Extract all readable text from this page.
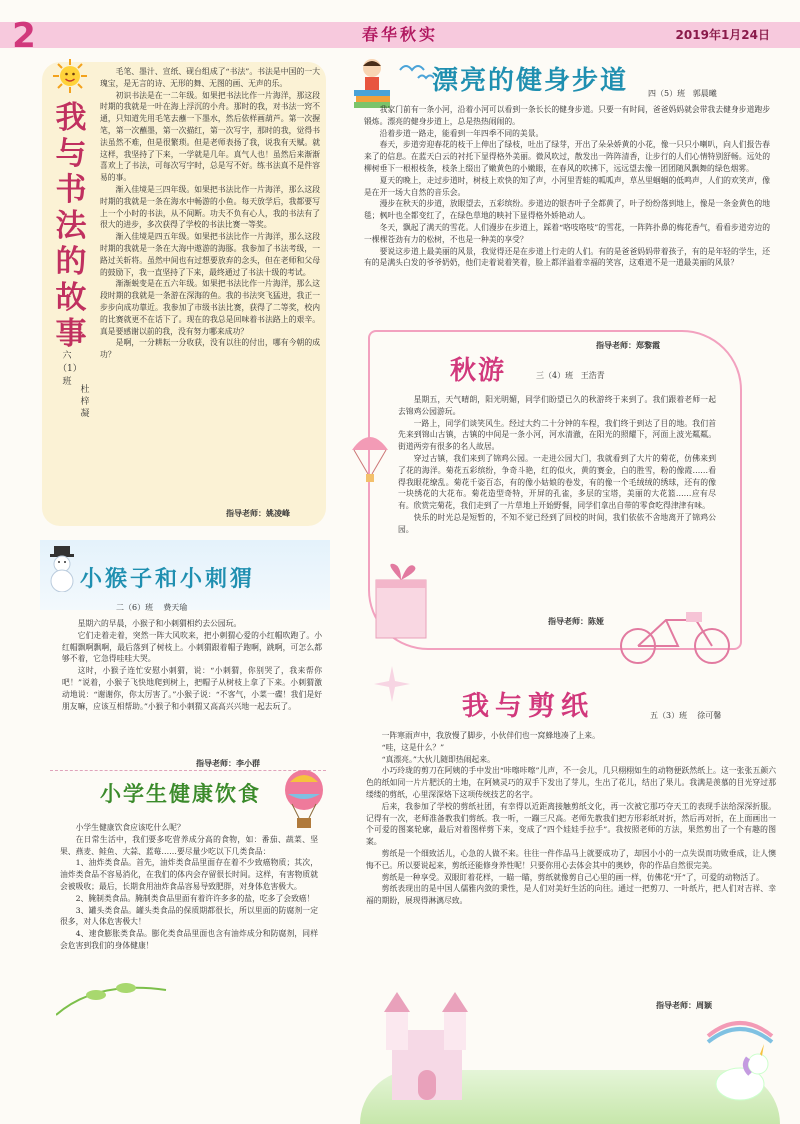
2	春华秋实	2019年1月24日
我与书法的故事
六（1）班
杜梓凝

毛笔、墨汁、宣纸、砚台组成了“书法”。书法是中国的一大瑰宝，是无言的诗、无形的舞、无图的画、无声的乐。

初识书法是在一二年级。如果把书法比作一片海洋，那这段时期的我就是一叶在海上浮沉的小舟。那时的我，对书法一窍不通，只知道先用毛笔去蘸一下墨水，然后依样画葫芦。第一次握笔，第一次蘸墨，第一次描红，第一次写字，那时的我，觉得书法虽然不难，但是很繁琐。但是老师表扬了我，说我有天赋。就这样，我坚持了下来，一学就是几年。真气人也！虽然后来渐渐喜欢上了书法，可每次写字时，总是写不好。练书法真不是件容易的事。

渐入佳境是三四年级。如果把书法比作一片海洋，那么这段时期的我就是一条在海水中畅游的小鱼。每天放学后，我都要写上一个小时的书法，从不间断。功夫不负有心人，我的书法有了很大的进步，多次获得了学校的书法比赛一等奖。

渐入佳境是四五年级。如果把书法比作一片海洋，那么这段时期的我就是一条在大海中遨游的海豚。我参加了书法考级，一路过关斩将。虽然中间也有过想要放弃的念头，但在老师和父母的鼓励下，我一直坚持了下来，最终通过了书法十级的考试。

渐渐蜕变是在五六年级。如果把书法比作一片海洋，那么这段时期的我就是一条游在深海的鱼。我的书法突飞猛进，我正一步步向成功靠近。我参加了市级书法比赛，获得了二等奖，校内的比赛就更不在话下了。现在的我总是回味着书法路上的艰辛。真是要感谢以前的我，没有努力哪来成功？

是啊，一分耕耘一分收获，没有以往的付出，哪有今朝的成功？

指导老师：姚凌峰
小猴子和小刺猬
二（6）班 费天瑜

星期六的早晨，小猴子和小刺猬相约去公园玩。

它们走着走着，突然一阵大风吹来，把小刺猬心爱的小红帽吹跑了。小红帽飘啊飘啊，最后落到了树枝上。小刺猬跟着帽子跑啊，跳啊，可怎么都够不着，它急得哇哇大哭。

这时，小猴子连忙安慰小刺猬，说：“小刺猬，你别哭了，我来帮你吧！”说着，小猴子飞快地爬到树上，把帽子从树枝上拿了下来。小刺猬激动地说：“谢谢你，你太厉害了。”小猴子说：“不客气，小菜一碟！我们是好朋友嘛，应该互相帮助。”小猴子和小刺猬又高高兴兴地一起去玩了。

指导老师：李小群
小学生健康饮食

小学生健康饮食应该吃什么呢？

在日常生活中，我们要多吃营养成分高的食物，如：番茄、蔬菜、坚果、燕麦、鲑鱼、大蒜、蓝莓……要尽量少吃以下几类食品：

1、油炸类食品。首先，油炸类食品里面存在着不少致癌物质；其次，油炸类食品不容易消化，在我们的体内会存留很长时间。这样，有害物质就会被吸收；最后，长期食用油炸食品容易导致肥胖，对身体危害极大。

2、腌制类食品。腌制类食品里面有着许许多多的盐，吃多了会致癌！

3、罐头类食品。罐头类食品的保质期都很长，所以里面的防腐剂一定很多，对人体危害极大！

4、速食膨胀类食品。膨化类食品里面也含有油炸成分和防腐剂，同样会危害到我们的身体健康！

漂亮的健身步道 四（5）班 郭晨曦

我家门前有一条小河，沿着小河可以看到一条长长的健身步道。只要一有时间，爸爸妈妈就会带我去健身步道跑步锻炼。漂亮的健身步道上，总是热热闹闹的。

沿着步道一路走，能看到一年四季不同的美景。

春天，步道旁迎春花的枝干上伸出了绿枝，吐出了绿芽，开出了朵朵娇黄的小花，像一只只小喇叭，向人们报告春来了的信息。在蓝天白云的衬托下显得格外美丽。微风吹过，散发出一阵阵清香，让步行的人们心情特别舒畅。远处的柳树垂下一根根枝条，枝条上缀出了嫩黄色的小嫩眼，在春风的吹拂下，远远望去像一团团随风飘舞的绿色烟雾。

夏天的晚上，走过步道时，树枝上欢快的知了声，小河里青蛙的呱呱声，草丛里蝈蝈的低鸣声，人们的欢笑声，像是在开一场大自然的音乐会。

漫步在秋天的步道，放眼望去，五彩缤纷。步道边的银杏叶子全都黄了，叶子纷纷落到地上，像是一条金黄色的地毯；枫叶也全都变红了，在绿色草地的映衬下显得格外娇艳动人。

冬天，飘起了满天的雪花。人们漫步在步道上，踩着“咯吱咯吱”的雪花，一阵阵扑鼻的梅花香气，看看步道旁边的一棵棵苍劲有力的松树，不也是一种美的享受？

要说这步道上最美丽的风景，我觉得还是在步道上行走的人们。有的是爸爸妈妈带着孩子，有的是年轻的学生，还有的是满头白发的爷爷奶奶，他们走着说着笑着，脸上都洋溢着幸福的笑容，这难道不是一道最美丽的风景？

指导老师：郑黎霞
秋游	三（4）班 王浩青

星期五，天气晴朗，阳光明媚，同学们盼望已久的秋游终于来到了。我们跟着老师一起去锦鸡公园游玩。

一路上，同学们谈笑风生。经过大约二十分钟的车程，我们终于到达了目的地。我们首先来到锦山古镇，古镇的中间是一条小河，河水清澈，在阳光的照耀下，河面上波光粼粼。街道两旁有很多的名人故居。

穿过古镇，我们来到了锦鸡公园。一走进公园大门，我就看到了大片的菊花，仿佛来到了花的海洋。菊花五彩缤纷，争奇斗艳，红的似火，黄的赛金，白的胜雪，粉的像霞……看得我眼花缭乱。菊花千姿百态，有的像小姑娘的卷发，有的像一个毛绒绒的绣球，还有的像一块绣花的大花布。菊花造型奇特，开屏的孔雀，多层的宝塔，美丽的大花篮……应有尽有。欣赏完菊花，我们走到了一片草地上开始野餐，同学们拿出自带的零食吃得津津有味。

快乐的时光总是短暂的，不知不觉已经到了回校的时间，我们依依不舍地离开了锦鸡公园。

指导老师：陈娅
我与剪纸	五（3）班 徐可馨

一阵寒雨声中，我放慢了脚步，小伙伴们也一窝蜂地凑了上来。

“哇，这是什么？”

“真漂亮。”大伙儿随即热闹起来。

小巧玲珑的剪刀在阿姨的手中发出“咔嚓咔嚓”儿声，不一会儿，几只栩栩如生的动物便跃然纸上。这一张张五颜六色的纸如同一片片肥沃的土地，在阿姨灵巧的双手下发出了芽儿，生出了花儿，结出了果儿。我满是羡慕的目光穿过那缕缕的剪纸，心里深深烙下这项传统技艺的名字。

后来，我参加了学校的剪纸社团，有幸得以近距离接触剪纸文化，再一次被它那巧夺天工的表现手法给深深折服。记得有一次，老师准备教我们剪纸。我一听，一蹦三尺高。老师先教我们把方形彩纸对折，然后再对折，在上面画出一个可爱的图案轮廓，最后对着图样剪下来，变成了“四个娃娃手拉手”。我按照老师的方法，果然剪出了一个有趣的图案。

剪纸是一个细致活儿，心急的人做不来。往往一件作品马上就要成功了，却因小小的一点失误而功败垂成，让人懊悔不已。所以要说起来，剪纸还能修身养性呢！只要你用心去体会其中的奥妙，你的作品自然很完美。

剪纸是一种享受。双眼盯着花样，一瞄一瞄，剪纸就像剪自己心里的画一样，仿佛花“开”了，可爱的动物活了。

剪纸表现出的是中国人儒雅内敛的秉性，是人们对美好生活的向往。通过一把剪刀、一叶纸片，把人们对吉祥、幸福的期盼，展现得淋漓尽致。

指导老师：周颖
